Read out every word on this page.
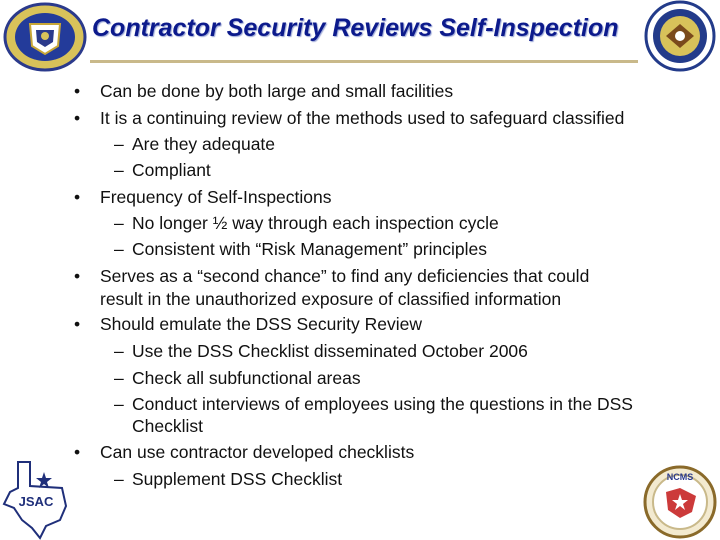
Contractor Security Reviews Self-Inspection
• Can be done by both large and small facilities
• It is a continuing review of the methods used to safeguard classified
– Are they adequate
– Compliant
• Frequency of Self-Inspections
– No longer ½ way through each inspection cycle
– Consistent with “Risk Management” principles
• Serves as a “second chance” to find any deficiencies that could
result in the unauthorized exposure of classified information
• Should emulate the DSS Security Review
– Use the DSS Checklist disseminated October 2006
– Check all subfunctional areas
– Conduct interviews of employees using the questions in the DSS
Checklist
• Can use contractor developed checklists
– Supplement DSS Checklist
JSAC
NCMS
